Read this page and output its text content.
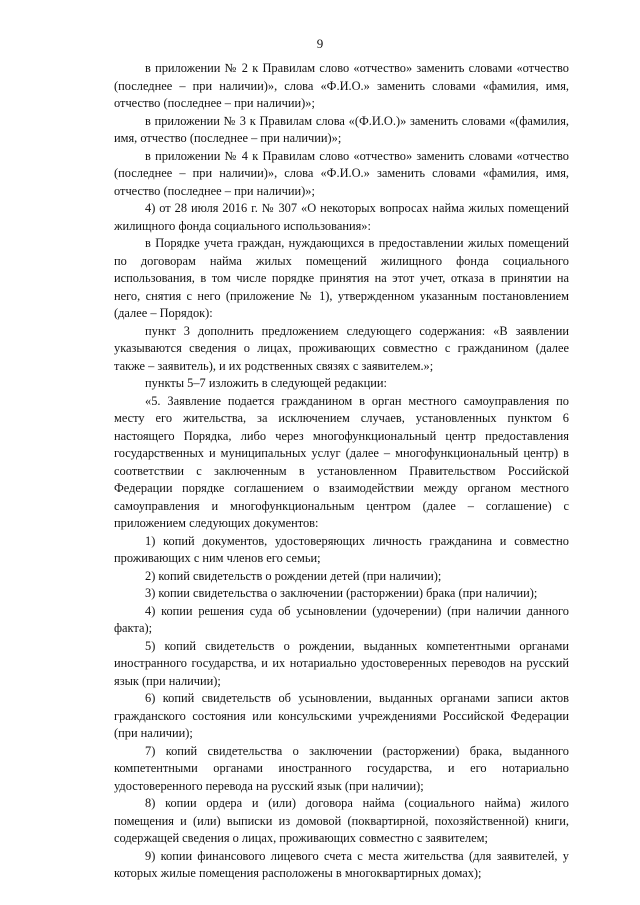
9

в приложении № 2 к Правилам слово «отчество» заменить словами «отчество (последнее – при наличии)», слова «Ф.И.О.» заменить словами «фамилия, имя, отчество (последнее – при наличии)»;

в приложении № 3 к Правилам слова «(Ф.И.О.)» заменить словами «(фамилия, имя, отчество (последнее – при наличии)»;

в приложении № 4 к Правилам слово «отчество» заменить словами «отчество (последнее – при наличии)», слова «Ф.И.О.» заменить словами «фамилия, имя, отчество (последнее – при наличии)»;

4) от 28 июля 2016 г. № 307 «О некоторых вопросах найма жилых помещений жилищного фонда социального использования»:

в Порядке учета граждан, нуждающихся в предоставлении жилых помещений по договорам найма жилых помещений жилищного фонда социального использования, в том числе порядке принятия на этот учет, отказа в принятии на него, снятия с него (приложение № 1), утвержденном указанным постановлением (далее – Порядок):

пункт 3 дополнить предложением следующего содержания: «В заявлении указываются сведения о лицах, проживающих совместно с гражданином (далее также – заявитель), и их родственных связях с заявителем.»;

пункты 5–7 изложить в следующей редакции:

«5. Заявление подается гражданином в орган местного самоуправления по месту его жительства, за исключением случаев, установленных пунктом 6 настоящего Порядка, либо через многофункциональный центр предоставления государственных и муниципальных услуг (далее – многофункциональный центр) в соответствии с заключенным в установленном Правительством Российской Федерации порядке соглашением о взаимодействии между органом местного самоуправления и многофункциональным центром (далее – соглашение) с приложением следующих документов:

1) копий документов, удостоверяющих личность гражданина и совместно проживающих с ним членов его семьи;

2) копий свидетельств о рождении детей (при наличии);

3) копии свидетельства о заключении (расторжении) брака (при наличии);

4) копии решения суда об усыновлении (удочерении) (при наличии данного факта);

5) копий свидетельств о рождении, выданных компетентными органами иностранного государства, и их нотариально удостоверенных переводов на русский язык (при наличии);

6) копий свидетельств об усыновлении, выданных органами записи актов гражданского состояния или консульскими учреждениями Российской Федерации (при наличии);

7) копий свидетельства о заключении (расторжении) брака, выданного компетентными органами иностранного государства, и его нотариально удостоверенного перевода на русский язык (при наличии);

8) копии ордера и (или) договора найма (социального найма) жилого помещения и (или) выписки из домовой (поквартирной, похозяйственной) книги, содержащей сведения о лицах, проживающих совместно с заявителем;

9) копии финансового лицевого счета с места жительства (для заявителей, у которых жилые помещения расположены в многоквартирных домах);
